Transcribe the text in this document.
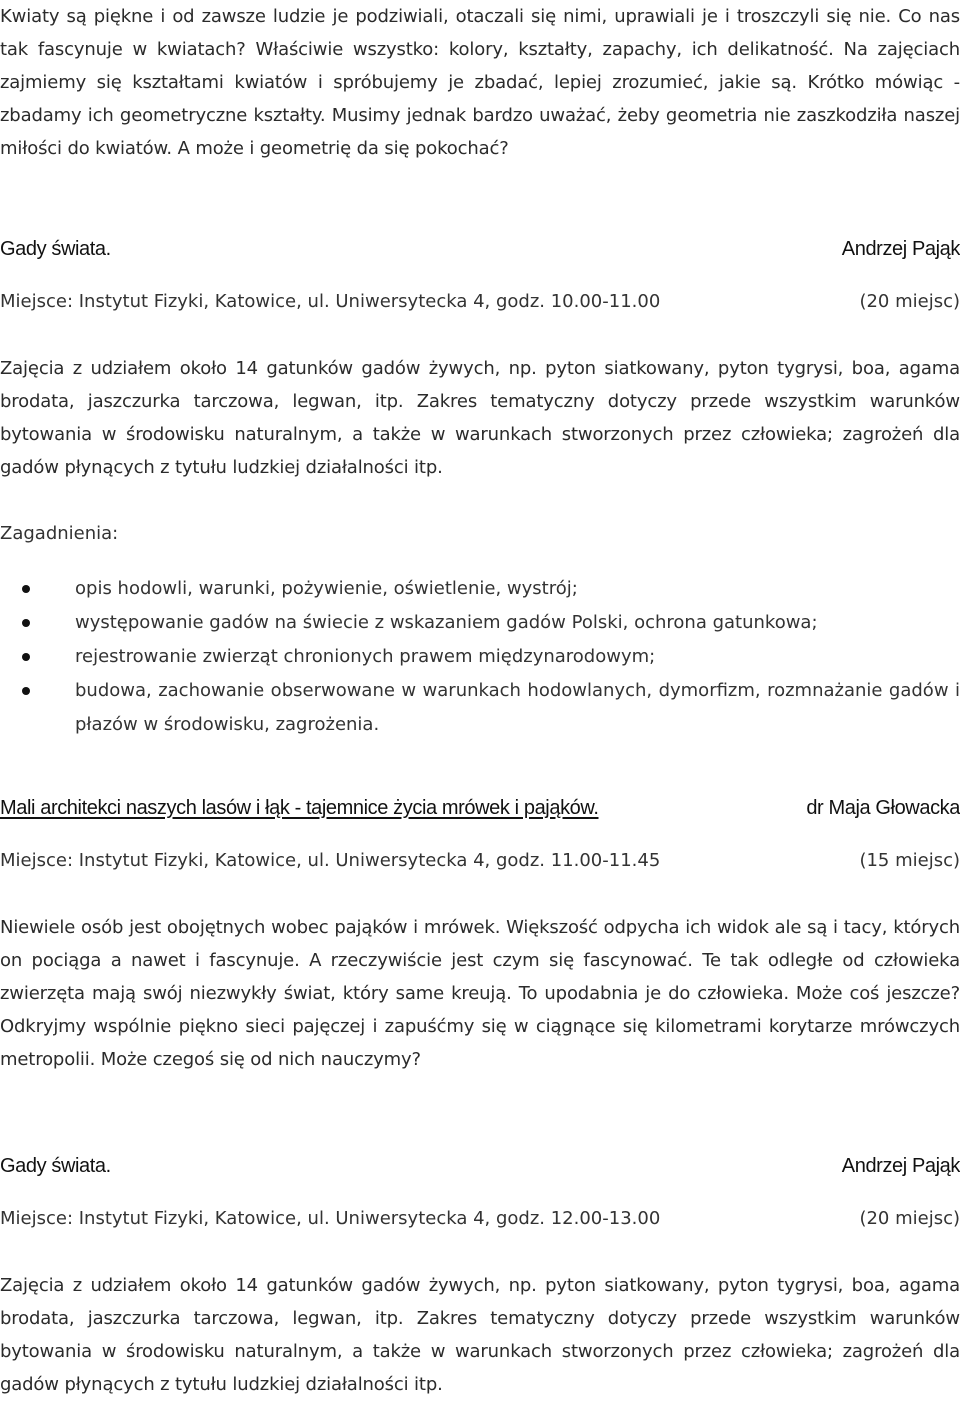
Kwiaty są piękne i od zawsze ludzie je podziwiali, otaczali się nimi, uprawiali je i troszczyli się nie. Co nas tak fascynuje w kwiatach? Właściwie wszystko: kolory, kształty, zapachy, ich delikatność. Na zajęciach zajmiemy się kształtami kwiatów i spróbujemy je zbadać, lepiej zrozumieć, jakie są. Krótko mówiąc - zbadamy ich geometryczne kształty. Musimy jednak bardzo uważać, żeby geometria nie zaszkodziła naszej miłości do kwiatów. A może i geometrię da się pokochać?

Gady świata.	Andrzej Pająk
Miejsce: Instytut Fizyki, Katowice, ul. Uniwersytecka 4, godz. 10.00-11.00	(20 miejsc)

Zajęcia z udziałem około 14 gatunków gadów żywych, np. pyton siatkowany, pyton tygrysi, boa, agama brodata, jaszczurka tarczowa, legwan, itp. Zakres tematyczny dotyczy przede wszystkim warunków bytowania w środowisku naturalnym, a także w warunkach stworzonych przez człowieka; zagrożeń dla gadów płynących z tytułu ludzkiej działalności itp.

Zagadnienia:
opis hodowli, warunki, pożywienie, oświetlenie, wystrój;
występowanie gadów na świecie z wskazaniem gadów Polski, ochrona gatunkowa;
rejestrowanie zwierząt chronionych prawem międzynarodowym;
budowa, zachowanie obserwowane w warunkach hodowlanych, dymorfizm, rozmnażanie gadów i płazów w środowisku, zagrożenia.
Mali architekci naszych lasów i łąk - tajemnice życia mrówek i pająków.	dr Maja Głowacka
Miejsce: Instytut Fizyki, Katowice, ul. Uniwersytecka 4, godz. 11.00-11.45	(15 miejsc)

Niewiele osób jest obojętnych wobec pająków i mrówek. Większość odpycha ich widok ale są i tacy, których on pociąga a nawet i fascynuje. A rzeczywiście jest czym się fascynować. Te tak odległe od człowieka zwierzęta mają swój niezwykły świat, który same kreują. To upodabnia je do człowieka. Może coś jeszcze? Odkryjmy wspólnie piękno sieci pajęczej i zapuśćmy się w ciągnące się kilometrami korytarze mrówczych metropolii. Może czegoś się od nich nauczymy?

Gady świata.	Andrzej Pająk
Miejsce: Instytut Fizyki, Katowice, ul. Uniwersytecka 4, godz. 12.00-13.00	(20 miejsc)

Zajęcia z udziałem około 14 gatunków gadów żywych, np. pyton siatkowany, pyton tygrysi, boa, agama brodata, jaszczurka tarczowa, legwan, itp. Zakres tematyczny dotyczy przede wszystkim warunków bytowania w środowisku naturalnym, a także w warunkach stworzonych przez człowieka; zagrożeń dla gadów płynących z tytułu ludzkiej działalności itp.
